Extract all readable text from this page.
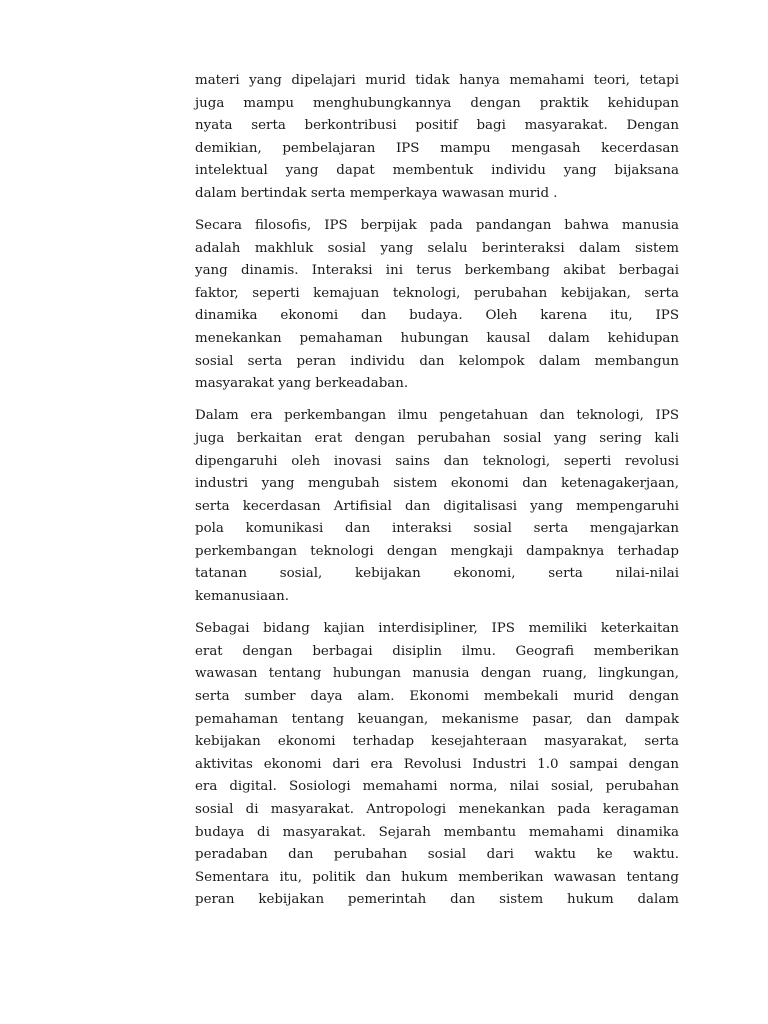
materi yang dipelajari murid tidak hanya memahami teori, tetapi
juga mampu menghubungkannya dengan praktik kehidupan
nyata serta berkontribusi positif bagi masyarakat. Dengan
demikian, pembelajaran IPS mampu mengasah kecerdasan
intelektual yang dapat membentuk individu yang bijaksana
dalam bertindak serta memperkaya wawasan murid .
Secara filosofis, IPS berpijak pada pandangan bahwa manusia
adalah makhluk sosial yang selalu berinteraksi dalam sistem
yang dinamis. Interaksi ini terus berkembang akibat berbagai
faktor, seperti kemajuan teknologi, perubahan kebijakan, serta
dinamika ekonomi dan budaya. Oleh karena itu, IPS
menekankan pemahaman hubungan kausal dalam kehidupan
sosial serta peran individu dan kelompok dalam membangun
masyarakat yang berkeadaban.
Dalam era perkembangan ilmu pengetahuan dan teknologi, IPS
juga berkaitan erat dengan perubahan sosial yang sering kali
dipengaruhi oleh inovasi sains dan teknologi, seperti revolusi
industri yang mengubah sistem ekonomi dan ketenagakerjaan,
serta kecerdasan Artifisial dan digitalisasi yang mempengaruhi
pola komunikasi dan interaksi sosial serta mengajarkan
perkembangan teknologi dengan mengkaji dampaknya terhadap
tatanan sosial, kebijakan ekonomi, serta nilai-nilai
kemanusiaan.
Sebagai bidang kajian interdisipliner, IPS memiliki keterkaitan
erat dengan berbagai disiplin ilmu. Geografi memberikan
wawasan tentang hubungan manusia dengan ruang, lingkungan,
serta sumber daya alam. Ekonomi membekali murid dengan
pemahaman tentang keuangan, mekanisme pasar, dan dampak
kebijakan ekonomi terhadap kesejahteraan masyarakat, serta
aktivitas ekonomi dari era Revolusi Industri 1.0 sampai dengan
era digital. Sosiologi memahami norma, nilai sosial, perubahan
sosial di masyarakat. Antropologi menekankan pada keragaman
budaya di masyarakat. Sejarah membantu memahami dinamika
peradaban dan perubahan sosial dari waktu ke waktu.
Sementara itu, politik dan hukum memberikan wawasan tentang
peran kebijakan pemerintah dan sistem hukum dalam
